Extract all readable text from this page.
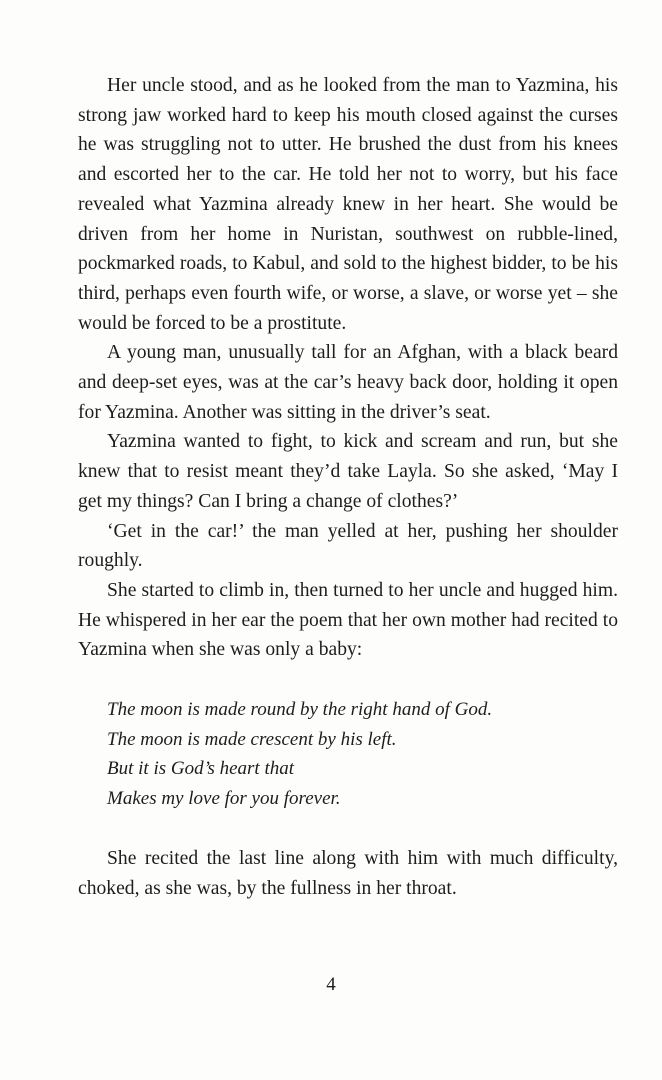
Her uncle stood, and as he looked from the man to Yazmina, his strong jaw worked hard to keep his mouth closed against the curses he was struggling not to utter. He brushed the dust from his knees and escorted her to the car. He told her not to worry, but his face revealed what Yazmina already knew in her heart. She would be driven from her home in Nuristan, southwest on rubble-lined, pockmarked roads, to Kabul, and sold to the highest bidder, to be his third, perhaps even fourth wife, or worse, a slave, or worse yet – she would be forced to be a prostitute.

A young man, unusually tall for an Afghan, with a black beard and deep-set eyes, was at the car’s heavy back door, holding it open for Yazmina. Another was sitting in the driver’s seat.

Yazmina wanted to fight, to kick and scream and run, but she knew that to resist meant they’d take Layla. So she asked, ‘May I get my things? Can I bring a change of clothes?’

‘Get in the car!’ the man yelled at her, pushing her shoulder roughly.

She started to climb in, then turned to her uncle and hugged him. He whispered in her ear the poem that her own mother had recited to Yazmina when she was only a baby:

The moon is made round by the right hand of God.
The moon is made crescent by his left.
But it is God’s heart that
Makes my love for you forever.

She recited the last line along with him with much difficulty, choked, as she was, by the fullness in her throat.

4
